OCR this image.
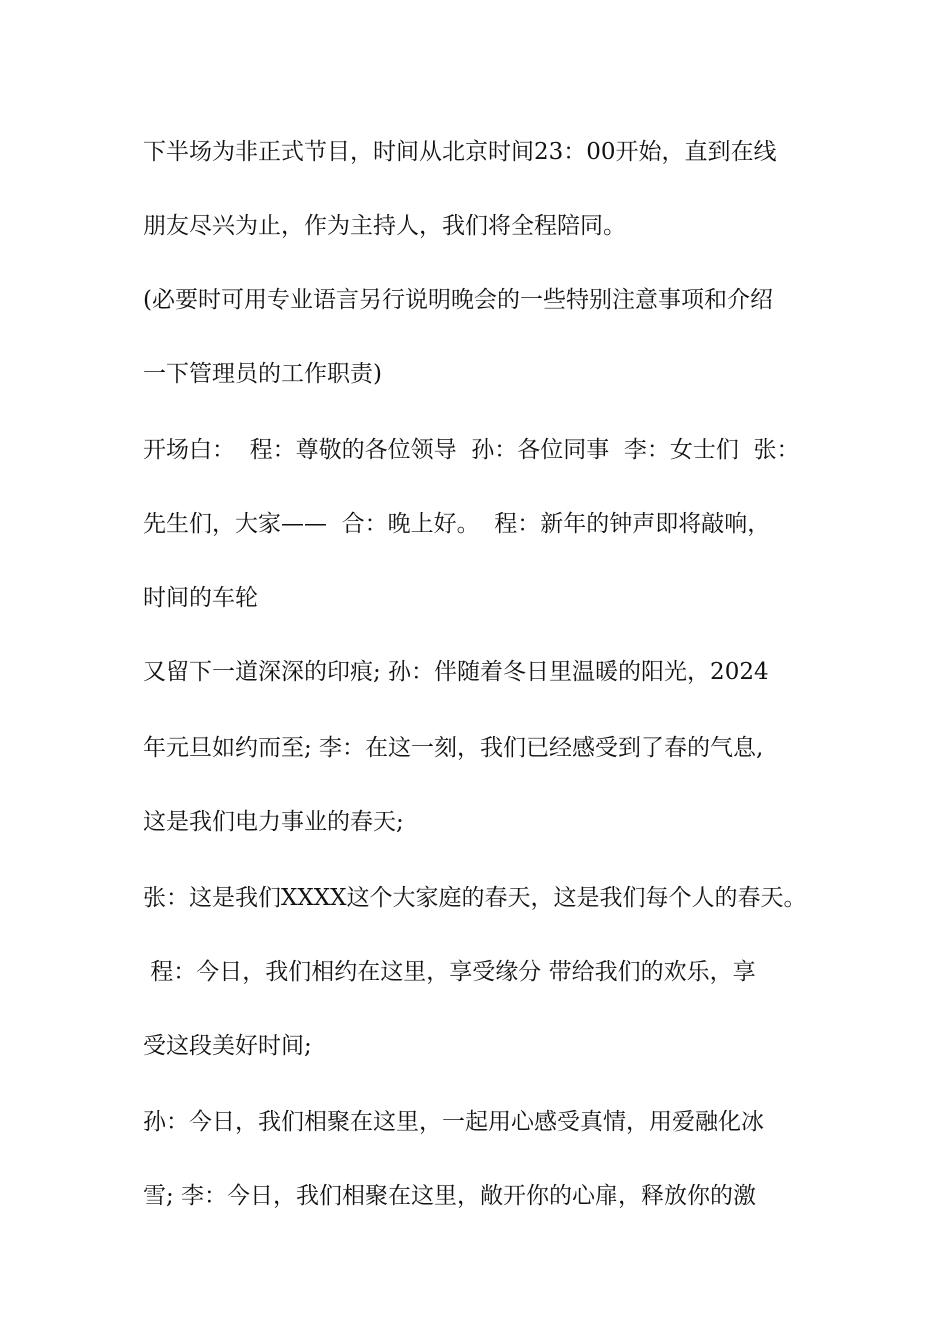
下半场为非正式节目，时间从北京时间23：00开始，直到在线
朋友尽兴为止，作为主持人，我们将全程陪同。
(必要时可用专业语言另行说明晚会的一些特别注意事项和介绍
一下管理员的工作职责)
开场白：  程：尊敬的各位领导  孙：各位同事  李：女士们  张：
先生们，大家——  合：晚上好。  程：新年的钟声即将敲响，
时间的车轮
又留下一道深深的印痕; 孙：伴随着冬日里温暖的阳光，2024
年元旦如约而至; 李：在这一刻，我们已经感受到了春的气息,
这是我们电力事业的春天;
张：这是我们XXXX这个大家庭的春天，这是我们每个人的春天。
程：今日，我们相约在这里，享受缘分 带给我们的欢乐，享
受这段美好时间;
孙：今日，我们相聚在这里，一起用心感受真情，用爱融化冰
雪; 李：今日，我们相聚在这里，敞开你的心扉，释放你的激
